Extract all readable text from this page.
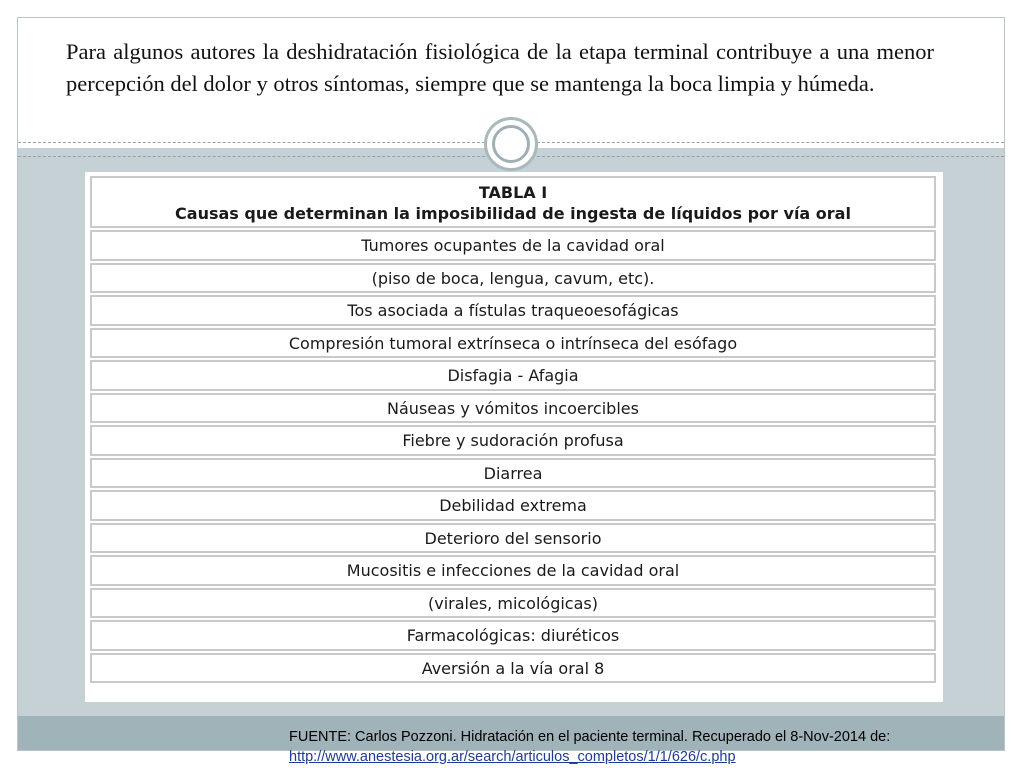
Para algunos autores la deshidratación fisiológica de la etapa terminal contribuye a una menor percepción del dolor y otros síntomas, siempre que se mantenga la boca limpia y húmeda.

TABLA I
Causas que determinan la imposibilidad de ingesta de líquidos por vía oral
Tumores ocupantes de la cavidad oral
(piso de boca, lengua, cavum, etc).
Tos asociada a fístulas traqueoesofágicas
Compresión tumoral extrínseca o intrínseca del esófago
Disfagia - Afagia
Náuseas y vómitos incoercibles
Fiebre y sudoración profusa
Diarrea
Debilidad extrema
Deterioro del sensorio
Mucositis e infecciones de la cavidad oral
(virales, micológicas)
Farmacológicas: diuréticos
Aversión a la vía oral 8
FUENTE: Carlos Pozzoni. Hidratación en el paciente terminal. Recuperado el 8-Nov-2014 de:
http://www.anestesia.org.ar/search/articulos_completos/1/1/626/c.php
